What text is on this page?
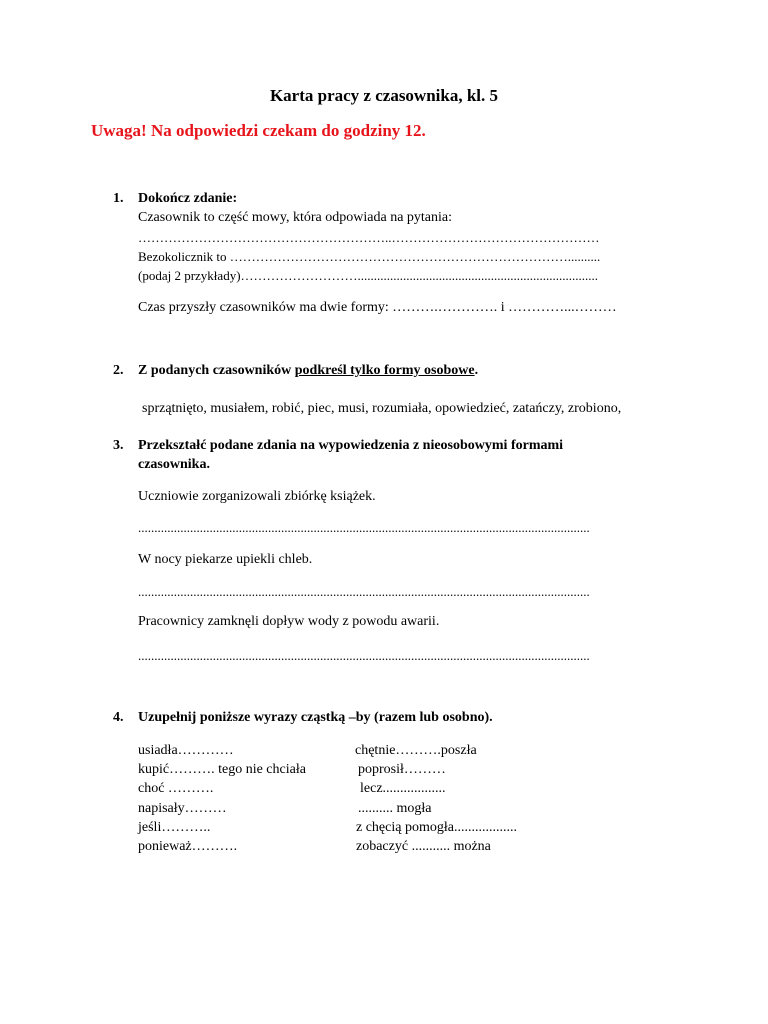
Karta pracy z czasownika, kl. 5
Uwaga! Na odpowiedzi czekam do godziny 12.
1. Dokończ zdanie:
Czasownik to część mowy, która odpowiada na pytania:
…………………………………………………..…………………………………………
Bezokolicznik to ……………………………………………………………………..........
(podaj 2 przykłady)………………………..........................................................................
Czas przyszły czasowników ma dwie formy: ……….…………. i …………...………
2. Z podanych czasowników podkreśl tylko formy osobowe.
sprzątnięto, musiałem, robić, piec, musi, rozumiała, opowiedzieć, zatańczy, zrobiono,
3. Przekształć podane zdania na wypowiedzenia z nieosobowymi formami
czasownika.
Uczniowie zorganizowali zbiórkę książek.
...........................................................................................................................................
W nocy piekarze upiekli chleb.
...........................................................................................................................................
Pracownicy zamknęli dopływ wody z powodu awarii.
...........................................................................................................................................
4. Uzupełnij poniższe wyrazy cząstką –by (razem lub osobno).
usiadła…………
kupić………. tego nie chciała
choć ……….
napisały………
jeśli………..
ponieważ……….
chętnie……….poszła
poprosił………
lecz..................
.......... mogła
z chęcią pomogła..................
zobaczyć ........... można
